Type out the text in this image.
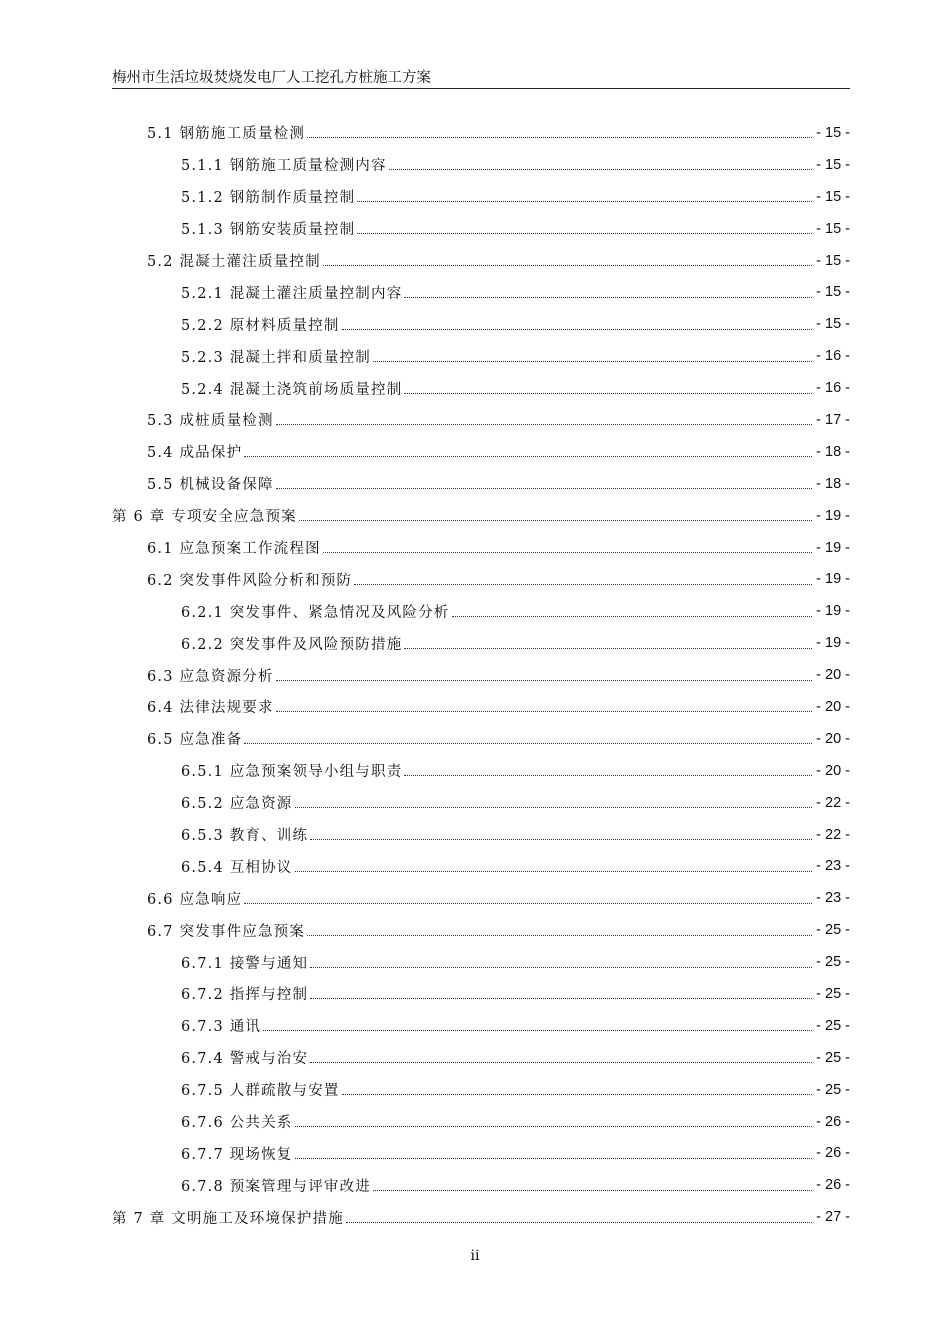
梅州市生活垃圾焚烧发电厂人工挖孔方桩施工方案
5.1 钢筋施工质量检测	- 15 -
5.1.1 钢筋施工质量检测内容	- 15 -
5.1.2 钢筋制作质量控制	- 15 -
5.1.3 钢筋安装质量控制	- 15 -
5.2 混凝土灌注质量控制	- 15 -
5.2.1 混凝土灌注质量控制内容	- 15 -
5.2.2 原材料质量控制	- 15 -
5.2.3 混凝土拌和质量控制	- 16 -
5.2.4 混凝土浇筑前场质量控制	- 16 -
5.3 成桩质量检测	- 17 -
5.4 成品保护	- 18 -
5.5 机械设备保障	- 18 -
第 6 章 专项安全应急预案	- 19 -
6.1 应急预案工作流程图	- 19 -
6.2 突发事件风险分析和预防	- 19 -
6.2.1 突发事件、紧急情况及风险分析	- 19 -
6.2.2 突发事件及风险预防措施	- 19 -
6.3 应急资源分析	- 20 -
6.4 法律法规要求	- 20 -
6.5 应急准备	- 20 -
6.5.1 应急预案领导小组与职责	- 20 -
6.5.2 应急资源	- 22 -
6.5.3 教育、训练	- 22 -
6.5.4 互相协议	- 23 -
6.6 应急响应	- 23 -
6.7 突发事件应急预案	- 25 -
6.7.1 接警与通知	- 25 -
6.7.2 指挥与控制	- 25 -
6.7.3 通讯	- 25 -
6.7.4 警戒与治安	- 25 -
6.7.5 人群疏散与安置	- 25 -
6.7.6 公共关系	- 26 -
6.7.7 现场恢复	- 26 -
6.7.8 预案管理与评审改进	- 26 -
第 7 章 文明施工及环境保护措施	- 27 -
ii
